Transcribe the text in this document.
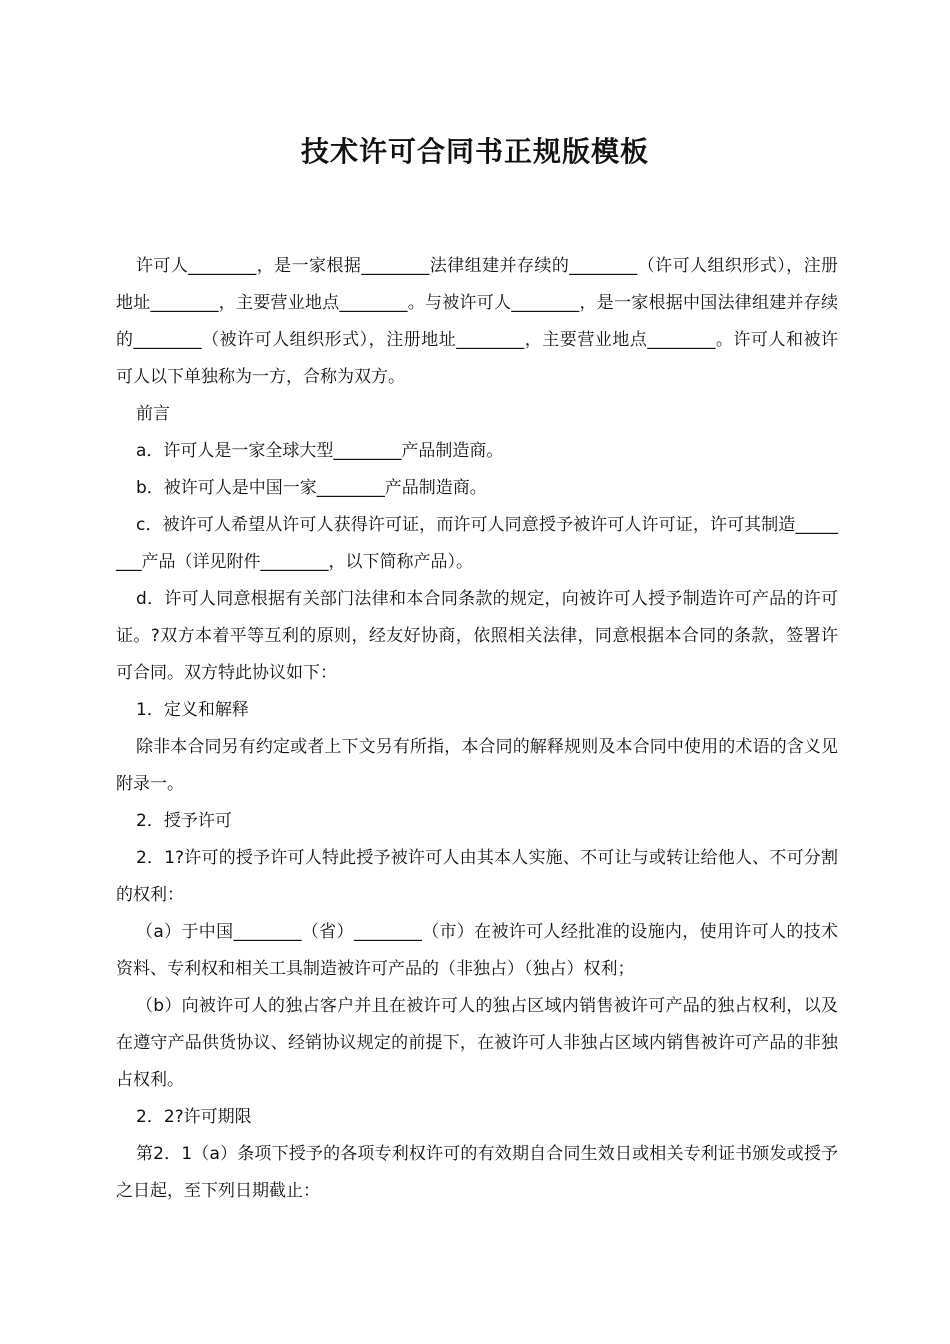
技术许可合同书正规版模板

许可人________，是一家根据________法律组建并存续的________（许可人组织形式），注册地址________，主要营业地点________。与被许可人________，是一家根据中国法律组建并存续的________（被许可人组织形式），注册地址________，主要营业地点________。许可人和被许可人以下单独称为一方，合称为双方。

前言

a．许可人是一家全球大型________产品制造商。

b．被许可人是中国一家________产品制造商。

c．被许可人希望从许可人获得许可证，而许可人同意授予被许可人许可证，许可其制造________产品（详见附件________，以下简称产品）。

d．许可人同意根据有关部门法律和本合同条款的规定，向被许可人授予制造许可产品的许可证。?双方本着平等互利的原则，经友好协商，依照相关法律，同意根据本合同的条款，签署许可合同。双方特此协议如下：

1．定义和解释

除非本合同另有约定或者上下文另有所指，本合同的解释规则及本合同中使用的术语的含义见附录一。

2．授予许可

2．1?许可的授予许可人特此授予被许可人由其本人实施、不可让与或转让给他人、不可分割的权利：

（a）于中国________（省）________（市）在被许可人经批准的设施内，使用许可人的技术资料、专利权和相关工具制造被许可产品的（非独占）（独占）权利；

（b）向被许可人的独占客户并且在被许可人的独占区域内销售被许可产品的独占权利，以及在遵守产品供货协议、经销协议规定的前提下，在被许可人非独占区域内销售被许可产品的非独占权利。

2．2?许可期限

第2．1（a）条项下授予的各项专利权许可的有效期自合同生效日或相关专利证书颁发或授予之日起，至下列日期截止：
